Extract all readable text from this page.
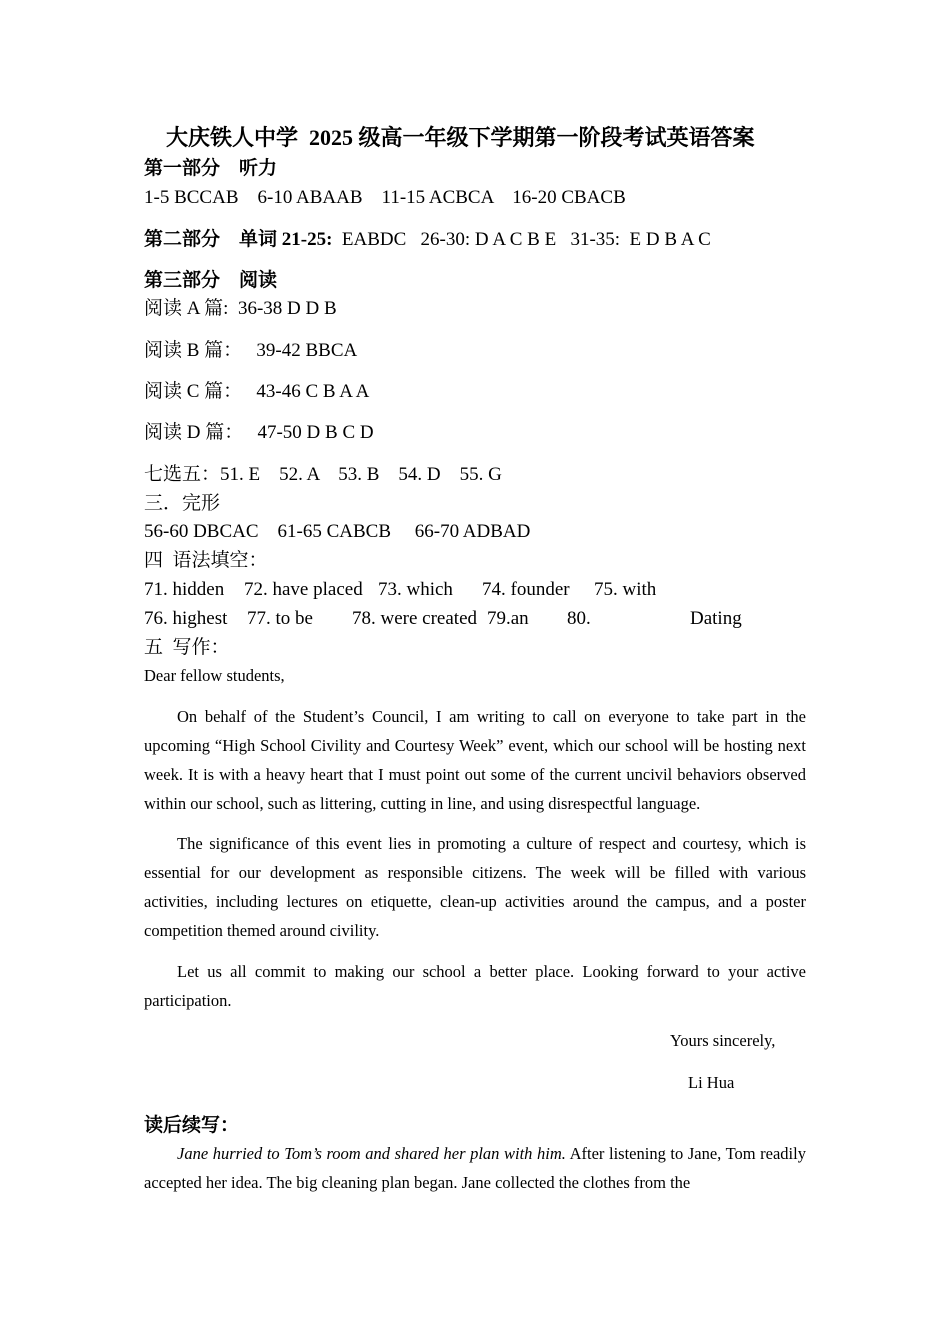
大庆铁人中学  2025 级高一年级下学期第一阶段考试英语答案
第一部分    听力
1-5 BCCAB    6-10 ABAAB    11-15 ACBCA    16-20 CBACB
第二部分    单词 21-25:  EABDC   26-30: D A C B E   31-35:  E D B A C
第三部分    阅读
阅读 A 篇:  36-38 D D B
阅读 B 篇：   39-42 BBCA
阅读 C 篇：   43-46 C B A A
阅读 D 篇：   47-50 D B C D
七选五：51. E    52. A    53. B    54. D    55. G
三．完形
56-60 DBCAC    61-65 CABCB     66-70 ADBAD
四  语法填空：
71. hidden 72. have placed 73. which 74. founder 75. with
76. highest 77. to be 78. were created 79.an 80.	Dating
五  写作：
Dear fellow students,
On behalf of the Student’s Council, I am writing to call on everyone to take part in the upcoming “High School Civility and Courtesy Week” event, which our school will be hosting next week. It is with a heavy heart that I must point out some of the current uncivil behaviors observed within our school, such as littering, cutting in line, and using disrespectful language.
The significance of this event lies in promoting a culture of respect and courtesy, which is essential for our development as responsible citizens. The week will be filled with various activities, including lectures on etiquette, clean-up activities around the campus, and a poster competition themed around civility.
Let us all commit to making our school a better place. Looking forward to your active participation.
Yours sincerely,
Li Hua
读后续写：
Jane hurried to Tom’s room and shared her plan with him. After listening to Jane, Tom readily accepted her idea. The big cleaning plan began. Jane collected the clothes from the
